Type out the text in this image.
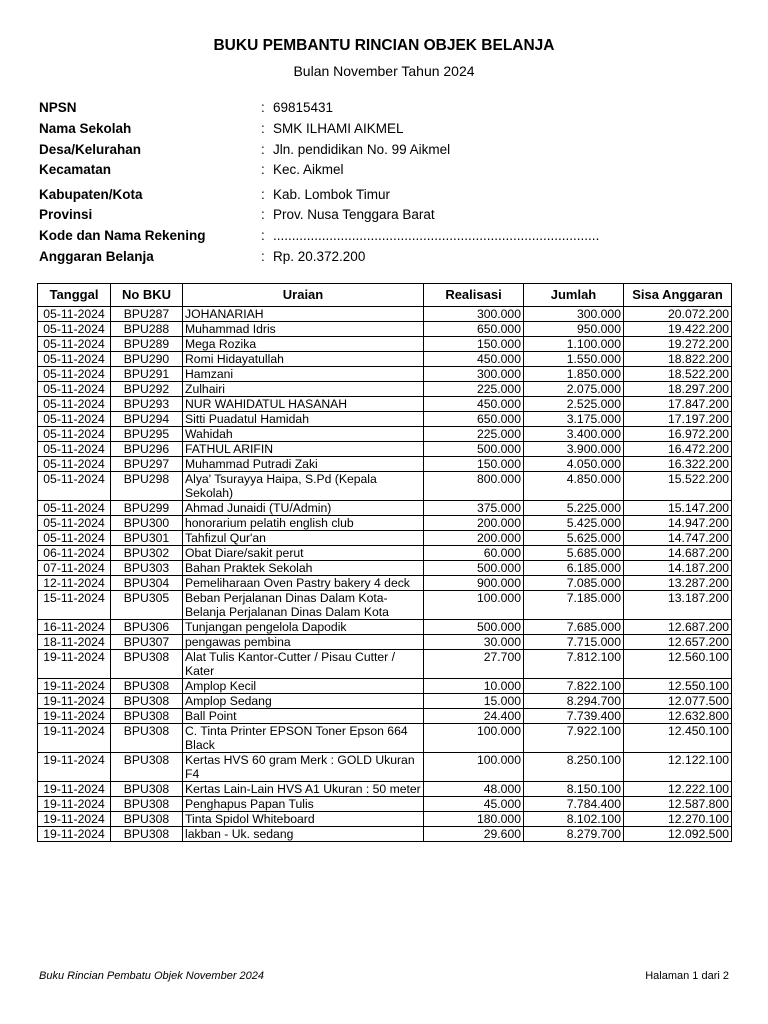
BUKU PEMBANTU RINCIAN OBJEK BELANJA
Bulan November Tahun 2024
NPSN	: 69815431
Nama Sekolah	: SMK ILHAMI AIKMEL
Desa/Kelurahan	: Jln. pendidikan No. 99 Aikmel
Kecamatan	: Kec. Aikmel
Kabupaten/Kota	: Kab. Lombok Timur
Provinsi	: Prov. Nusa Tenggara Barat
Kode dan Nama Rekening	: .......................................................................................
Anggaran Belanja	: Rp. 20.372.200
Tanggal	No BKU	Uraian	Realisasi	Jumlah	Sisa Anggaran
05-11-2024	BPU287	JOHANARIAH	300.000	300.000	20.072.200
05-11-2024	BPU288	Muhammad Idris	650.000	950.000	19.422.200
05-11-2024	BPU289	Mega Rozika	150.000	1.100.000	19.272.200
05-11-2024	BPU290	Romi Hidayatullah	450.000	1.550.000	18.822.200
05-11-2024	BPU291	Hamzani	300.000	1.850.000	18.522.200
05-11-2024	BPU292	Zulhairi	225.000	2.075.000	18.297.200
05-11-2024	BPU293	NUR WAHIDATUL HASANAH	450.000	2.525.000	17.847.200
05-11-2024	BPU294	Sitti Puadatul Hamidah	650.000	3.175.000	17.197.200
05-11-2024	BPU295	Wahidah	225.000	3.400.000	16.972.200
05-11-2024	BPU296	FATHUL ARIFIN	500.000	3.900.000	16.472.200
05-11-2024	BPU297	Muhammad Putradi Zaki	150.000	4.050.000	16.322.200
05-11-2024	BPU298	Alya' Tsurayya Haipa, S.Pd (Kepala Sekolah)	800.000	4.850.000	15.522.200
05-11-2024	BPU299	Ahmad Junaidi (TU/Admin)	375.000	5.225.000	15.147.200
05-11-2024	BPU300	honorarium pelatih english club	200.000	5.425.000	14.947.200
05-11-2024	BPU301	Tahfizul Qur'an	200.000	5.625.000	14.747.200
06-11-2024	BPU302	Obat Diare/sakit perut	60.000	5.685.000	14.687.200
07-11-2024	BPU303	Bahan Praktek Sekolah	500.000	6.185.000	14.187.200
12-11-2024	BPU304	Pemeliharaan Oven Pastry bakery 4 deck	900.000	7.085.000	13.287.200
15-11-2024	BPU305	Beban Perjalanan Dinas Dalam Kota-Belanja Perjalanan Dinas Dalam Kota	100.000	7.185.000	13.187.200
16-11-2024	BPU306	Tunjangan pengelola Dapodik	500.000	7.685.000	12.687.200
18-11-2024	BPU307	pengawas pembina	30.000	7.715.000	12.657.200
19-11-2024	BPU308	Alat Tulis Kantor-Cutter / Pisau Cutter / Kater	27.700	7.812.100	12.560.100
19-11-2024	BPU308	Amplop Kecil	10.000	7.822.100	12.550.100
19-11-2024	BPU308	Amplop Sedang	15.000	8.294.700	12.077.500
19-11-2024	BPU308	Ball Point	24.400	7.739.400	12.632.800
19-11-2024	BPU308	C. Tinta Printer EPSON Toner Epson 664 Black	100.000	7.922.100	12.450.100
19-11-2024	BPU308	Kertas HVS 60 gram Merk : GOLD Ukuran F4	100.000	8.250.100	12.122.100
19-11-2024	BPU308	Kertas Lain-Lain HVS A1 Ukuran : 50 meter	48.000	8.150.100	12.222.100
19-11-2024	BPU308	Penghapus Papan Tulis	45.000	7.784.400	12.587.800
19-11-2024	BPU308	Tinta Spidol Whiteboard	180.000	8.102.100	12.270.100
19-11-2024	BPU308	lakban - Uk. sedang	29.600	8.279.700	12.092.500
Buku Rincian Pembatu Objek November 2024	Halaman 1 dari 2
